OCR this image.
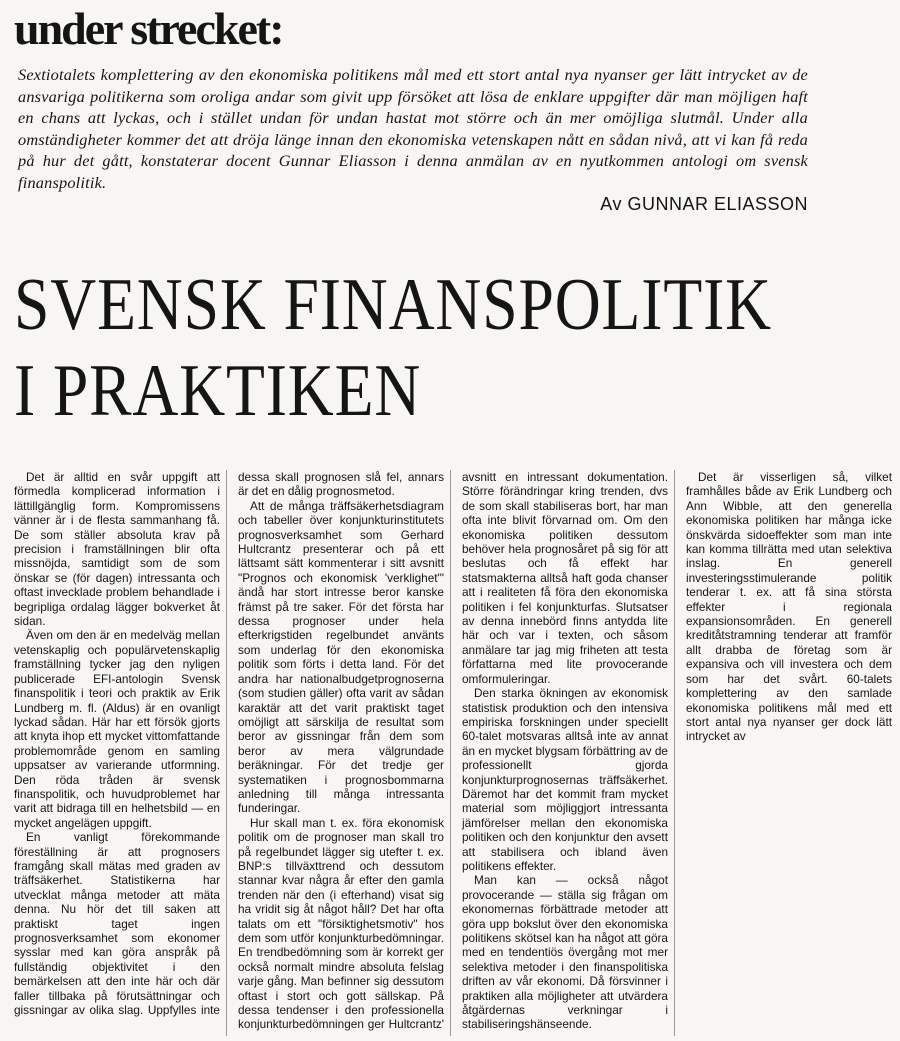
under strecket:
Sextiotalets komplettering av den ekonomiska politikens mål med ett stort antal nya nyanser ger lätt intrycket av de ansvariga politikerna som oroliga andar som givit upp försöket att lösa de enklare uppgifter där man möjligen haft en chans att lyckas, och i stället undan för undan hastat mot större och än mer omöjliga slutmål. Under alla omständigheter kommer det att dröja länge innan den ekonomiska vetenskapen nått en sådan nivå, att vi kan få reda på hur det gått, konstaterar docent Gunnar Eliasson i denna anmälan av en nyutkommen antologi om svensk finanspolitik.
Av GUNNAR ELIASSON
SVENSK FINANSPOLITIK
I PRAKTIKEN

Det är alltid en svår uppgift att förmedla komplicerad information i lättillgänglig form. Kompromissens vänner är i de flesta sammanhang få. De som ställer absoluta krav på precision i framställningen blir ofta missnöjda, samtidigt som de som önskar se (för dagen) intressanta och oftast invecklade problem behandlade i begripliga ordalag lägger bokverket åt sidan.

Även om den är en medelväg mellan vetenskaplig och populärvetenskaplig framställning tycker jag den nyligen publicerade EFI-antologin Svensk finanspolitik i teori och praktik av Erik Lundberg m. fl. (Aldus) är en ovanligt lyckad sådan. Här har ett försök gjorts att knyta ihop ett mycket vittomfattande problemområde genom en samling uppsatser av varierande utformning. Den röda tråden är svensk finanspolitik, och huvudproblemet har varit att bidraga till en helhetsbild — en mycket angelägen uppgift.

En vanligt förekommande föreställning är att prognosers framgång skall mätas med graden av träffsäkerhet. Statistikerna har utvecklat många metoder att mäta denna. Nu hör det till saken att praktiskt taget ingen prognosverksamhet som ekonomer sysslar med kan göra anspråk på fullständig objektivitet i den bemärkelsen att den inte här och där faller tillbaka på förutsättningar och gissningar av olika slag. Uppfylles inte dessa skall prognosen slå fel, annars är det en dålig prognosmetod.

Att de många träffsäkerhetsdiagram och tabeller över konjunkturinstitutets prognosverksamhet som Gerhard Hultcrantz presenterar och på ett lättsamt sätt kommenterar i sitt avsnitt "Prognos och ekonomisk 'verklighet'" ändå har stort intresse beror kanske främst på tre saker. För det första har dessa prognoser under hela efterkrigstiden regelbundet använts som underlag för den ekonomiska politik som förts i detta land. För det andra har nationalbudgetprognoserna (som studien gäller) ofta varit av sådan karaktär att det varit praktiskt taget omöjligt att särskilja de resultat som beror av gissningar från dem som beror av mera välgrundade beräkningar. För det tredje ger systematiken i prognosbommarna anledning till många intressanta funderingar.

Hur skall man t. ex. föra ekonomisk politik om de prognoser man skall tro på regelbundet lägger sig utefter t. ex. BNP:s tillväxttrend och dessutom stannar kvar några år efter den gamla trenden när den (i efterhand) visat sig ha vridit sig åt något håll? Det har ofta talats om ett "försiktighetsmotiv" hos dem som utför konjunkturbedömningar. En trendbedömning som är korrekt ger också normalt mindre absoluta felslag varje gång. Man befinner sig dessutom oftast i stort och gott sällskap. På dessa tendenser i den professionella konjunkturbedömningen ger Hultcrantz' avsnitt en intressant dokumentation. Större förändringar kring trenden, dvs de som skall stabiliseras bort, har man ofta inte blivit förvarnad om. Om den ekonomiska politiken dessutom behöver hela prognosåret på sig för att beslutas och få effekt har statsmakterna alltså haft goda chanser att i realiteten få föra den ekonomiska politiken i fel konjunkturfas. Slutsatser av denna innebörd finns antydda lite här och var i texten, och såsom anmälare tar jag mig friheten att testa författarna med lite provocerande omformuleringar.

Den starka ökningen av ekonomisk statistisk produktion och den intensiva empiriska forskningen under speciellt 60-talet motsvaras alltså inte av annat än en mycket blygsam förbättring av de professionellt gjorda konjunkturprognosernas träffsäkerhet. Däremot har det kommit fram mycket material som möjliggjort intressanta jämförelser mellan den ekonomiska politiken och den konjunktur den avsett att stabilisera och ibland även politikens effekter.

Man kan — också något provocerande — ställa sig frågan om ekonomernas förbättrade metoder att göra upp bokslut över den ekonomiska politikens skötsel kan ha något att göra med en tendentiös övergång mot mer selektiva metoder i den finanspolitiska driften av vår ekonomi. Då försvinner i praktiken alla möjligheter att utvärdera åtgärdernas verkningar i stabiliseringshänseende.

Det är visserligen så, vilket framhålles både av Erik Lundberg och Ann Wibble, att den generella ekonomiska politiken har många icke önskvärda sidoeffekter som man inte kan komma tillrätta med utan selektiva inslag. En generell investeringsstimulerande politik tenderar t. ex. att få sina största effekter i regionala expansionsområden. En generell kreditåtstramning tenderar att framför allt drabba de företag som är expansiva och vill investera och dem som har det svårt. 60-talets komplettering av den samlade ekonomiska politikens mål med ett stort antal nya nyanser ger dock lätt intrycket av
